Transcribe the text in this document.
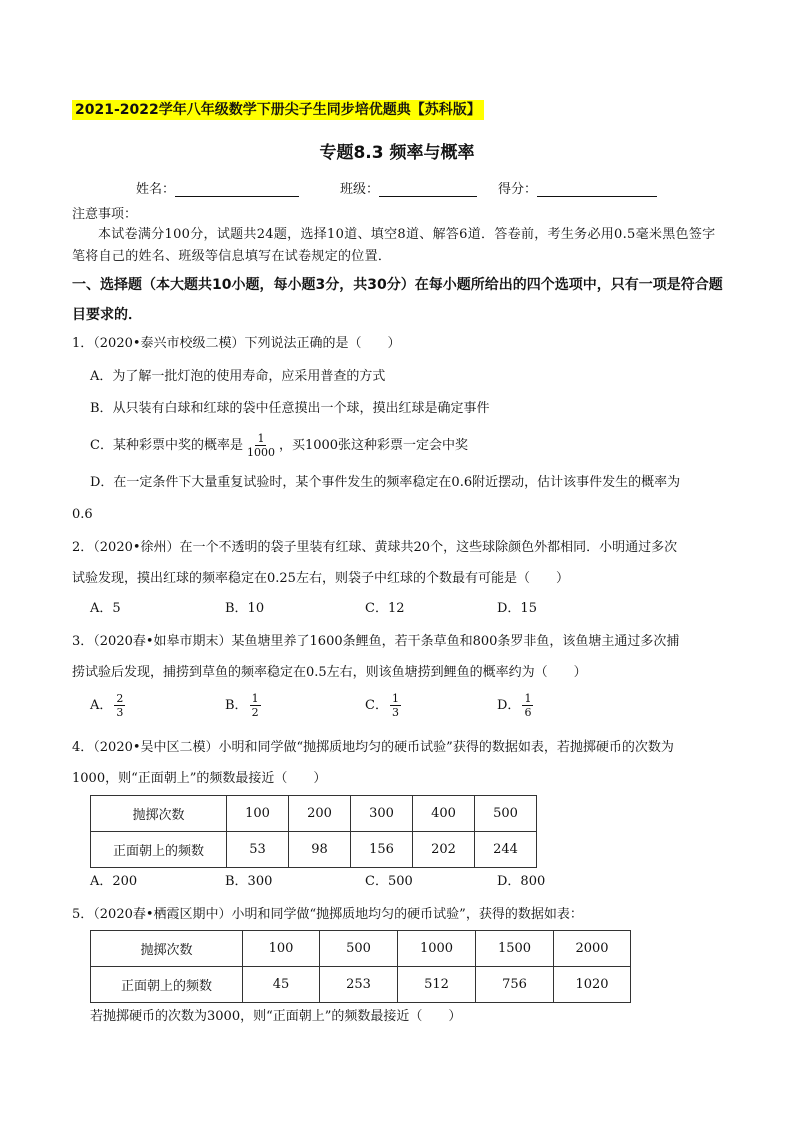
2021-2022学年八年级数学下册尖子生同步培优题典【苏科版】
专题8.3 频率与概率
姓名：	班级：	得分：
注意事项：
本试卷满分100分，试题共24题，选择10道、填空8道、解答6道．答卷前，考生务必用0.5毫米黑色签字笔将自己的姓名、班级等信息填写在试卷规定的位置．
一、选择题（本大题共10小题，每小题3分，共30分）在每小题所给出的四个选项中，只有一项是符合题目要求的．
1．（2020•泰兴市校级二模）下列说法正确的是（　　）
A．为了解一批灯泡的使用寿命，应采用普查的方式
B．从只装有白球和红球的袋中任意摸出一个球，摸出红球是确定事件
C．某种彩票中奖的概率是 $\frac{1}{1000}$ ，买1000张这种彩票一定会中奖
D．在一定条件下大量重复试验时，某个事件发生的频率稳定在0.6附近摆动，估计该事件发生的概率为
0.6
2．（2020•徐州）在一个不透明的袋子里装有红球、黄球共20个，这些球除颜色外都相同．小明通过多次
试验发现，摸出红球的频率稳定在0.25左右，则袋子中红球的个数最有可能是（　　）
A．5	B．10	C．12	D．15
3．（2020春•如皋市期末）某鱼塘里养了1600条鲤鱼，若干条草鱼和800条罗非鱼，该鱼塘主通过多次捕
捞试验后发现，捕捞到草鱼的频率稳定在0.5左右，则该鱼塘捞到鲤鱼的概率约为（　　）
A． $\frac{2}{3}$	B． $\frac{1}{2}$	C． $\frac{1}{3}$	D． $\frac{1}{6}$
4．（2020•吴中区二模）小明和同学做“抛掷质地均匀的硬币试验”获得的数据如表，若抛掷硬币的次数为
1000，则“正面朝上”的频数最接近（　　）
抛掷次数	100	200	300	400	500
正面朝上的频数	53	98	156	202	244
A．200	B．300	C．500	D．800
5．（2020春•栖霞区期中）小明和同学做“抛掷质地均匀的硬币试验”，获得的数据如表：
抛掷次数	100	500	1000	1500	2000
正面朝上的频数	45	253	512	756	1020
若抛掷硬币的次数为3000，则“正面朝上”的频数最接近（　　）
